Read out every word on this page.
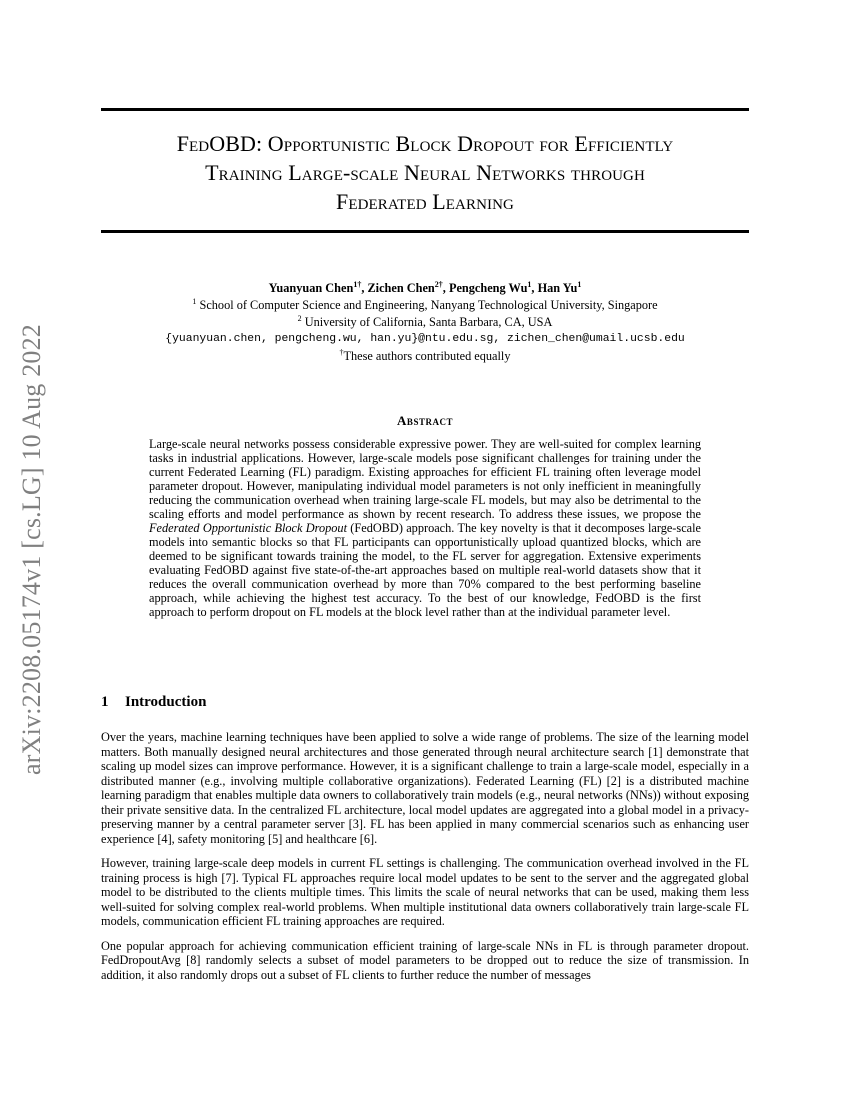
arXiv:2208.05174v1 [cs.LG] 10 Aug 2022
FedOBD: Opportunistic Block Dropout for Efficiently
Training Large-scale Neural Networks through
Federated Learning
Yuanyuan Chen$^{1\dagger}$, Zichen Chen$^{2\dagger}$, Pengcheng Wu$^1$, Han Yu$^1$
$^1$ School of Computer Science and Engineering, Nanyang Technological University, Singapore
$^2$ University of California, Santa Barbara, CA, USA
{yuanyuan.chen, pengcheng.wu, han.yu}@ntu.edu.sg, zichen_chen@umail.ucsb.edu
†These authors contributed equally
Abstract
Large-scale neural networks possess considerable expressive power. They are well-suited for complex learning tasks in industrial applications. However, large-scale models pose significant challenges for training under the current Federated Learning (FL) paradigm. Existing approaches for efficient FL training often leverage model parameter dropout. However, manipulating individual model parameters is not only inefficient in meaningfully reducing the communication overhead when training large-scale FL models, but may also be detrimental to the scaling efforts and model performance as shown by recent research. To address these issues, we propose the Federated Opportunistic Block Dropout (FedOBD) approach. The key novelty is that it decomposes large-scale models into semantic blocks so that FL participants can opportunistically upload quantized blocks, which are deemed to be significant towards training the model, to the FL server for aggregation. Extensive experiments evaluating FedOBD against five state-of-the-art approaches based on multiple real-world datasets show that it reduces the overall communication overhead by more than 70% compared to the best performing baseline approach, while achieving the highest test accuracy. To the best of our knowledge, FedOBD is the first approach to perform dropout on FL models at the block level rather than at the individual parameter level.
1 Introduction

Over the years, machine learning techniques have been applied to solve a wide range of problems. The size of the learning model matters. Both manually designed neural architectures and those generated through neural architecture search [1] demonstrate that scaling up model sizes can improve performance. However, it is a significant challenge to train a large-scale model, especially in a distributed manner (e.g., involving multiple collaborative organizations). Federated Learning (FL) [2] is a distributed machine learning paradigm that enables multiple data owners to collaboratively train models (e.g., neural networks (NNs)) without exposing their private sensitive data. In the centralized FL architecture, local model updates are aggregated into a global model in a privacy-preserving manner by a central parameter server [3]. FL has been applied in many commercial scenarios such as enhancing user experience [4], safety monitoring [5] and healthcare [6].

However, training large-scale deep models in current FL settings is challenging. The communication overhead involved in the FL training process is high [7]. Typical FL approaches require local model updates to be sent to the server and the aggregated global model to be distributed to the clients multiple times. This limits the scale of neural networks that can be used, making them less well-suited for solving complex real-world problems. When multiple institutional data owners collaboratively train large-scale FL models, communication efficient FL training approaches are required.

One popular approach for achieving communication efficient training of large-scale NNs in FL is through parameter dropout. FedDropoutAvg [8] randomly selects a subset of model parameters to be dropped out to reduce the size of transmission. In addition, it also randomly drops out a subset of FL clients to further reduce the number of messages
